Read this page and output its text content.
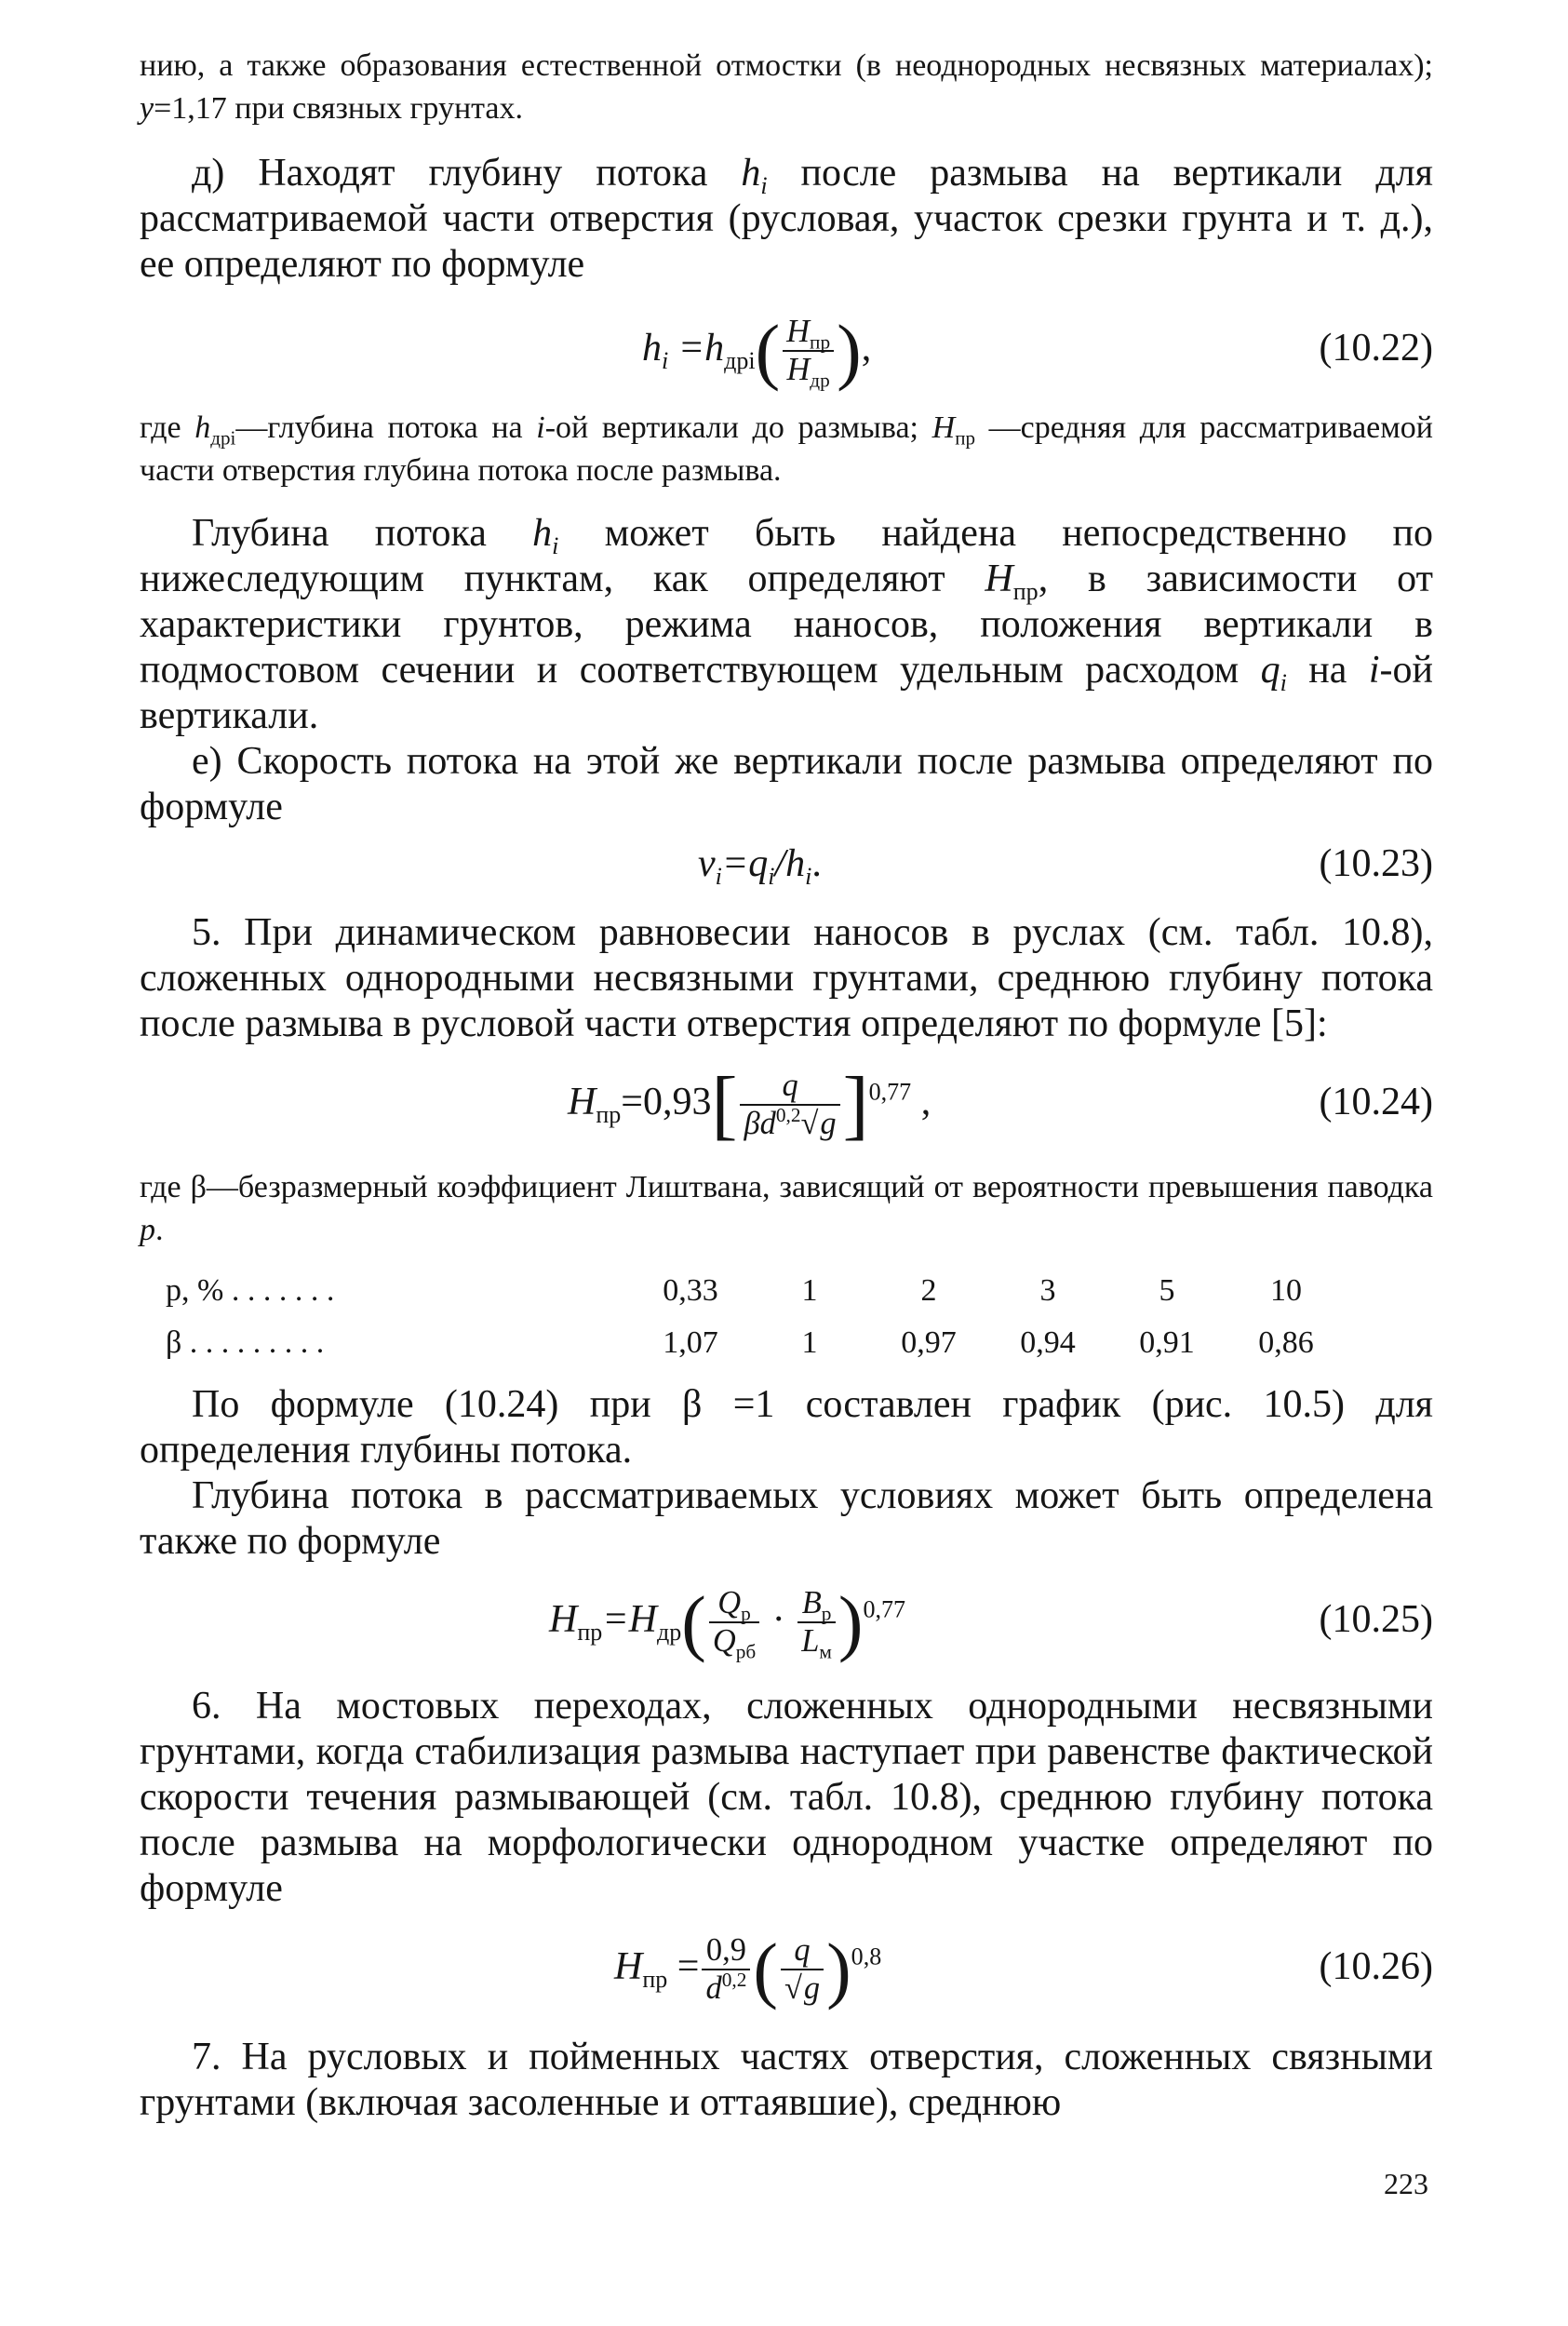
нию, а также образования естественной отмостки (в неоднородных несвязных материалах); y=1,17 при связных грунтах.

д) Находят глубину потока $h_i$ после размыва на вертикали для рассматриваемой части отверстия (русловая, участок срезки грунта и т. д.), ее определяют по формуле

$h_i =h_{дрi}( \frac{H_{пр}}{H_{др}}$ ),	(10.22)

где $h_{дрi}—глубина$ потока на i-ой вертикали до размыва; $H_{пр}$ —средняя для рассматриваемой части отверстия глубина потока после размыва.

Глубина потока $h_i$ может быть найдена непосредственно по нижеследующим пунктам, как определяют $H_{пр}$, в зависимости от характеристики грунтов, режима наносов, положения вертикали в подмостовом сечении и соответствующем удельным расходом $q_i$ на i-ой вертикали.

е) Скорость потока на этой же вертикали после размыва определяют по формуле

$v_i=q_i/h_i$.	(10.23)

5. При динамическом равновесии наносов в руслах (см. табл. 10.8), сложенных однородными несвязными грунтами, среднюю глубину потока после размыва в русловой части отверстия определяют по формуле [5]:

$H_{пр}=0,93[ \frac{q}{\beta d^{0,2}√g} ]^{0,77}$ ,	(10.24)

где β—безразмерный коэффициент Лиштвана, зависящий от вероятности превышения паводка p.

p, % . . . . . . .	0,33	1	2	3	5	10
β . . . . . . . . .	1,07	1	0,97	0,94	0,91	0,86

По формуле (10.24) при β =1 составлен график (рис. 10.5) для определения глубины потока.

Глубина потока в рассматриваемых условиях может быть определена также по формуле

$H_{пр}=H_{др}( \frac{Q_р}{Q_{рб}} \cdot \frac{B_р}{L_м} )^{0,77}$	(10.25)

6. На мостовых переходах, сложенных однородными несвязными грунтами, когда стабилизация размыва наступает при равенстве фактической скорости течения размывающей (см. табл. 10.8), среднюю глубину потока после размыва на морфологически однородном участке определяют по формуле

$H_{пр} = \frac{0,9}{d^{0,2}}$ ( $\frac{q}{√g} )^{0,8}$	(10.26)

7. На русловых и пойменных частях отверстия, сложенных связными грунтами (включая засоленные и оттаявшие), среднюю

223
